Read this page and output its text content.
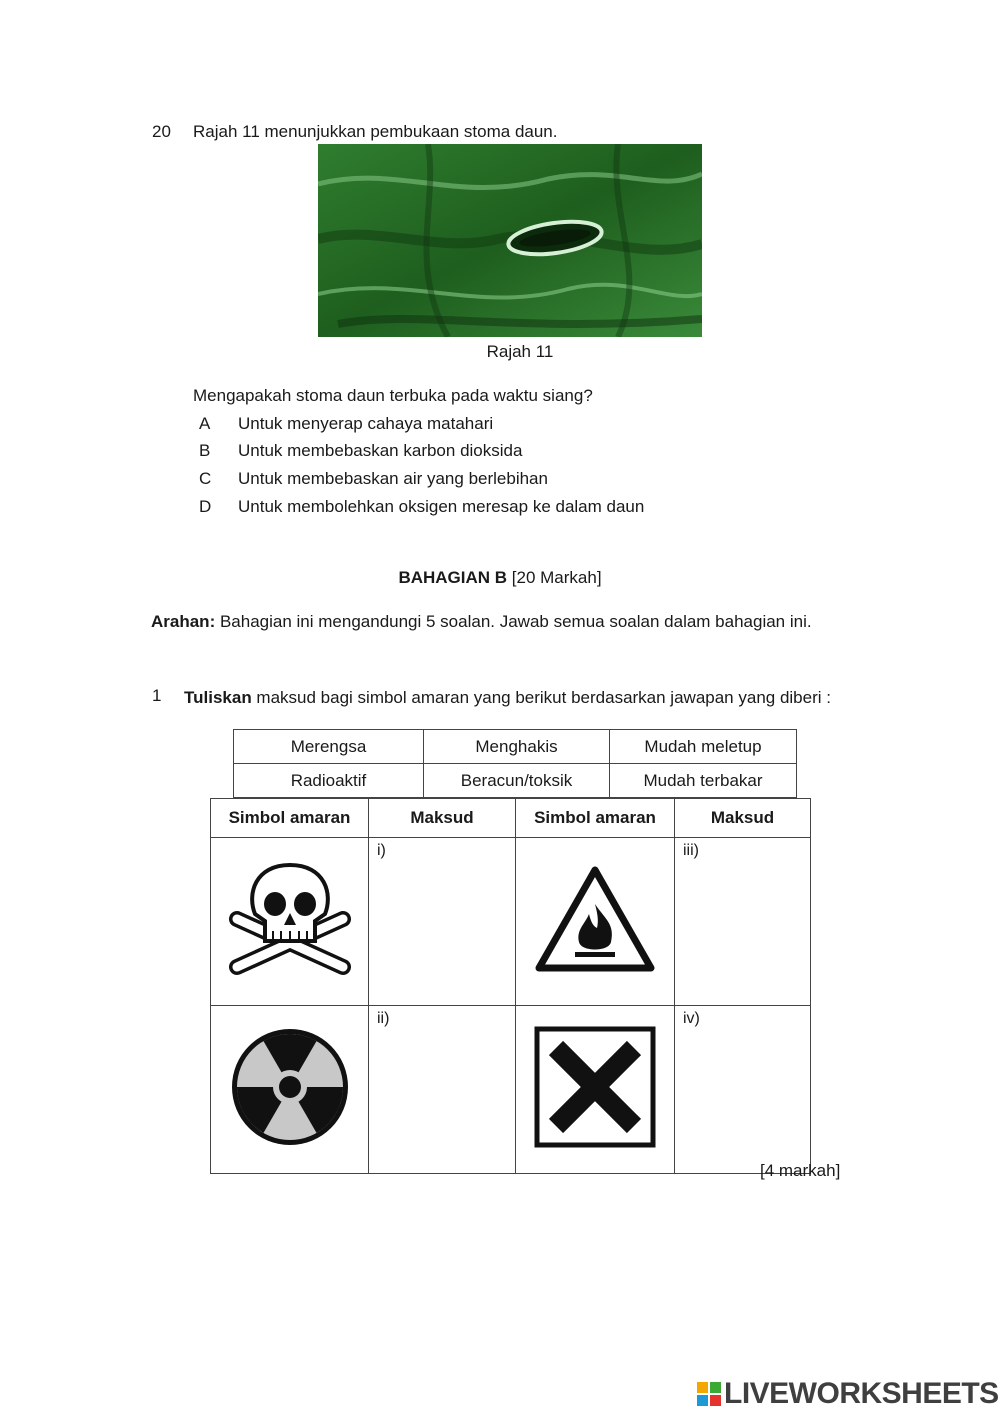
20 Rajah 11 menunjukkan pembukaan stoma daun.
Rajah 11
Mengapakah stoma daun terbuka pada waktu siang?
A Untuk menyerap cahaya matahari
B Untuk membebaskan karbon dioksida
C Untuk membebaskan air yang berlebihan
D Untuk membolehkan oksigen meresap ke dalam daun
BAHAGIAN B [20 Markah]
Arahan: Bahagian ini mengandungi 5 soalan. Jawab semua soalan dalam bahagian ini.
1 Tuliskan maksud bagi simbol amaran yang berikut berdasarkan jawapan yang diberi :
Merengsa	Menghakis	Mudah meletup
Radioaktif	Beracun/toksik	Mudah terbakar
Simbol amaran	Maksud	Simbol amaran	Maksud
	i)		iii)
	ii)		iv)
[4 markah]
LIVEWORKSHEETS
